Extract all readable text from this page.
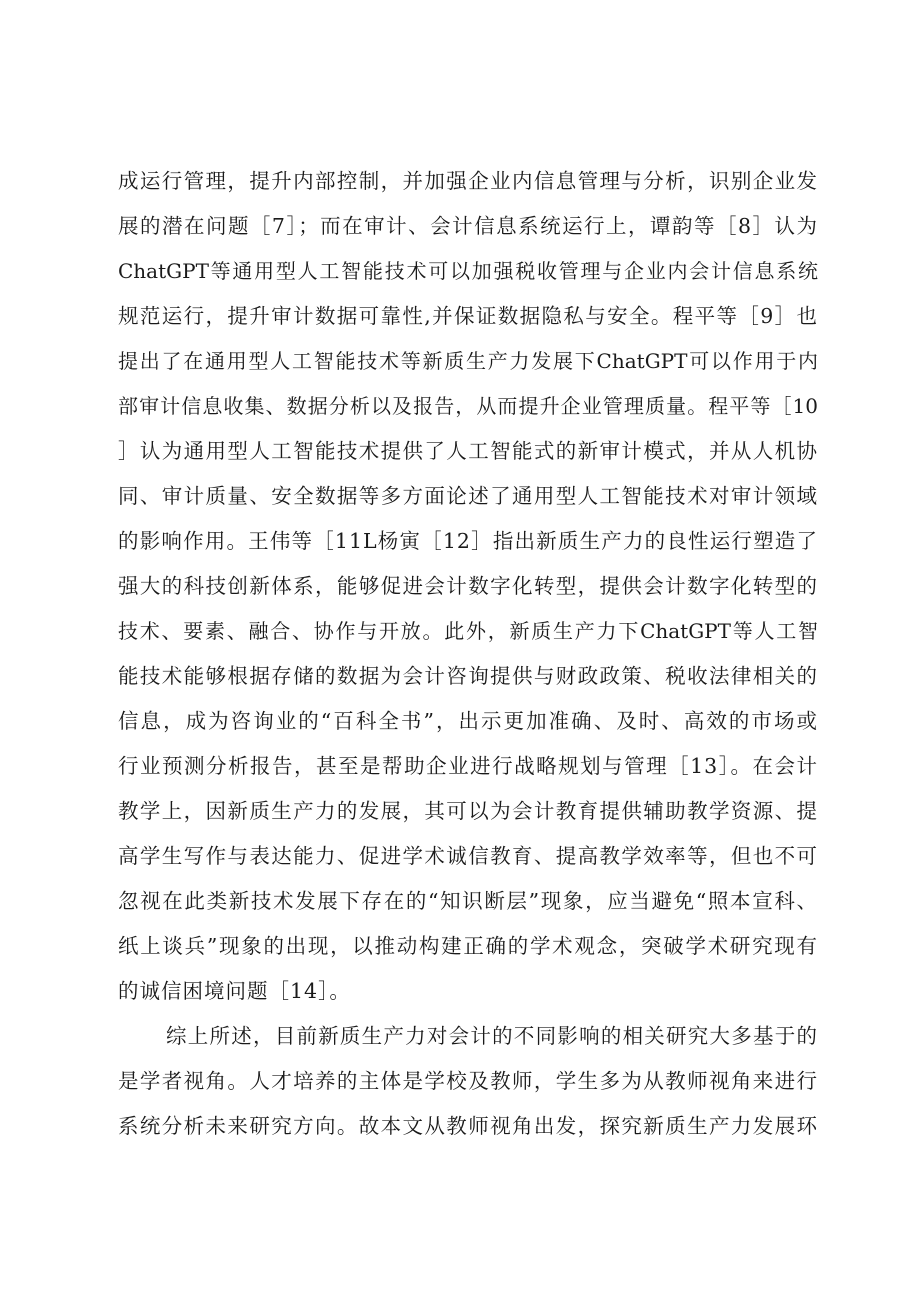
成运行管理，提升内部控制，并加强企业内信息管理与分析，识别企业发
展的潜在问题［7］；而在审计、会计信息系统运行上，谭韵等［8］认为
ChatGPT等通用型人工智能技术可以加强税收管理与企业内会计信息系统
规范运行，提升审计数据可靠性,并保证数据隐私与安全。程平等［9］也
提出了在通用型人工智能技术等新质生产力发展下ChatGPT可以作用于内
部审计信息收集、数据分析以及报告，从而提升企业管理质量。程平等［10
］认为通用型人工智能技术提供了人工智能式的新审计模式，并从人机协
同、审计质量、安全数据等多方面论述了通用型人工智能技术对审计领域
的影响作用。王伟等［11L杨寅［12］指出新质生产力的良性运行塑造了
强大的科技创新体系，能够促进会计数字化转型，提供会计数字化转型的
技术、要素、融合、协作与开放。此外，新质生产力下ChatGPT等人工智
能技术能够根据存储的数据为会计咨询提供与财政政策、税收法律相关的
信息，成为咨询业的“百科全书”，出示更加准确、及时、高效的市场或
行业预测分析报告，甚至是帮助企业进行战略规划与管理［13］。在会计
教学上，因新质生产力的发展，其可以为会计教育提供辅助教学资源、提
高学生写作与表达能力、促进学术诚信教育、提高教学效率等，但也不可
忽视在此类新技术发展下存在的“知识断层”现象，应当避免“照本宣科、
纸上谈兵”现象的出现，以推动构建正确的学术观念，突破学术研究现有
的诚信困境问题［14］。
综上所述，目前新质生产力对会计的不同影响的相关研究大多基于的
是学者视角。人才培养的主体是学校及教师，学生多为从教师视角来进行
系统分析未来研究方向。故本文从教师视角出发，探究新质生产力发展环
